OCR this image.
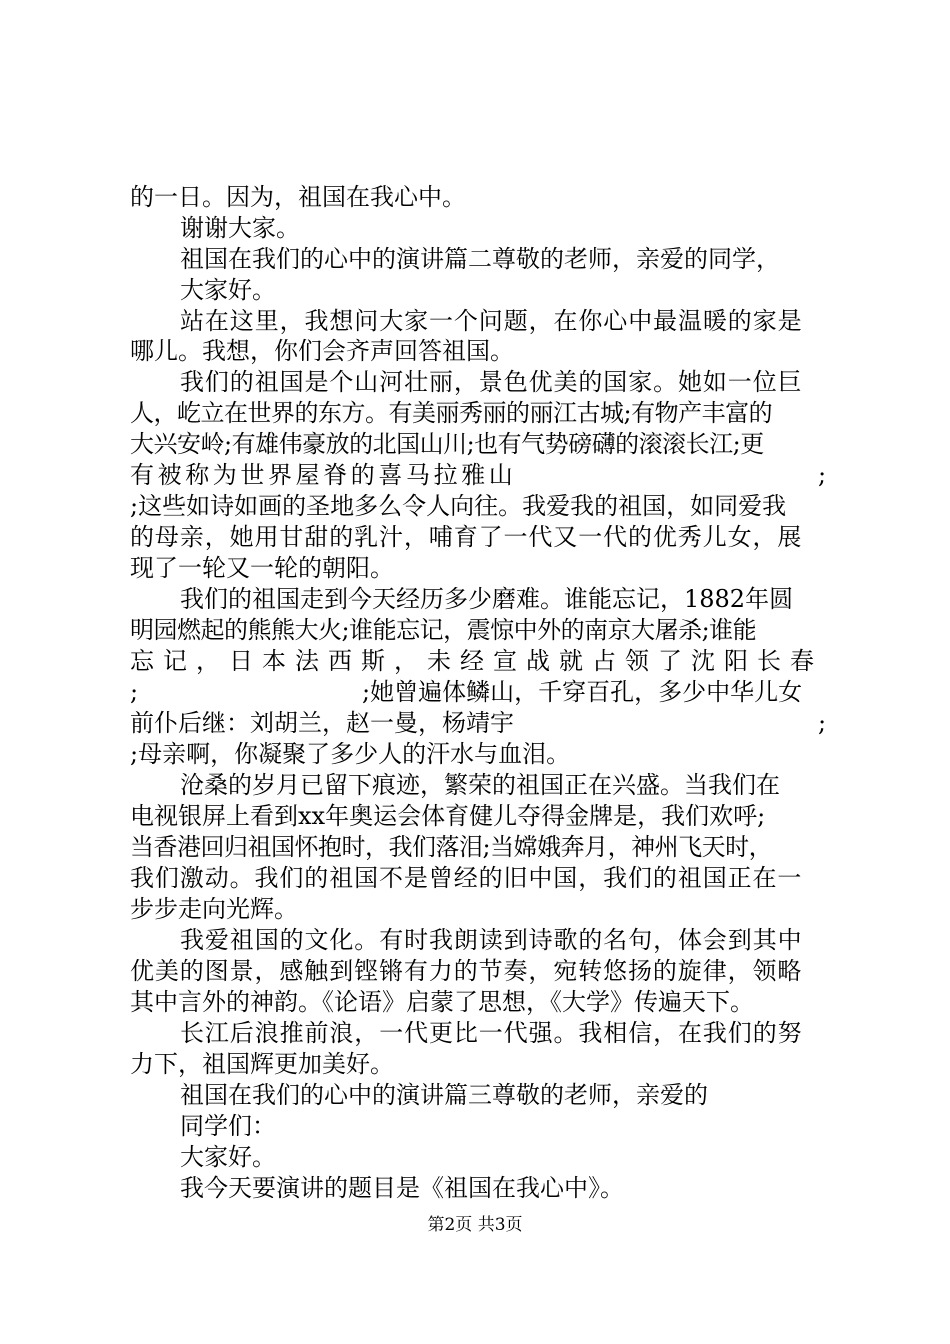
的一日。因为，祖国在我心中。
谢谢大家。
祖国在我们的心中的演讲篇二尊敬的老师，亲爱的同学，
大家好。
站在这里，我想问大家一个问题，在你心中最温暖的家是
哪儿。我想，你们会齐声回答祖国。
我们的祖国是个山河壮丽，景色优美的国家。她如一位巨
人，屹立在世界的东方。有美丽秀丽的丽江古城;有物产丰富的
大兴安岭;有雄伟豪放的北国山川;也有气势磅礴的滚滚长江;更
有被称为世界屋脊的喜马拉雅山	;
;这些如诗如画的圣地多么令人向往。我爱我的祖国，如同爱我
的母亲，她用甘甜的乳汁，哺育了一代又一代的优秀儿女，展
现了一轮又一轮的朝阳。
我们的祖国走到今天经历多少磨难。谁能忘记，1882年圆
明园燃起的熊熊大火;谁能忘记，震惊中外的南京大屠杀;谁能
忘记，日本法西斯，未经宣战就占领了沈阳长春
;	;她曾遍体鳞山，千穿百孔，多少中华儿女
前仆后继：刘胡兰，赵一曼，杨靖宇	;
;母亲啊，你凝聚了多少人的汗水与血泪。
沧桑的岁月已留下痕迹，繁荣的祖国正在兴盛。当我们在
电视银屏上看到xx年奥运会体育健儿夺得金牌是，我们欢呼;
当香港回归祖国怀抱时，我们落泪;当嫦娥奔月，神州飞天时，
我们激动。我们的祖国不是曾经的旧中国，我们的祖国正在一
步步走向光辉。
我爱祖国的文化。有时我朗读到诗歌的名句，体会到其中
优美的图景，感触到铿锵有力的节奏，宛转悠扬的旋律，领略
其中言外的神韵。《论语》启蒙了思想，《大学》传遍天下。
长江后浪推前浪，一代更比一代强。我相信，在我们的努
力下，祖国辉更加美好。
祖国在我们的心中的演讲篇三尊敬的老师，亲爱的
同学们：
大家好。
我今天要演讲的题目是《祖国在我心中》。
第2页 共3页
